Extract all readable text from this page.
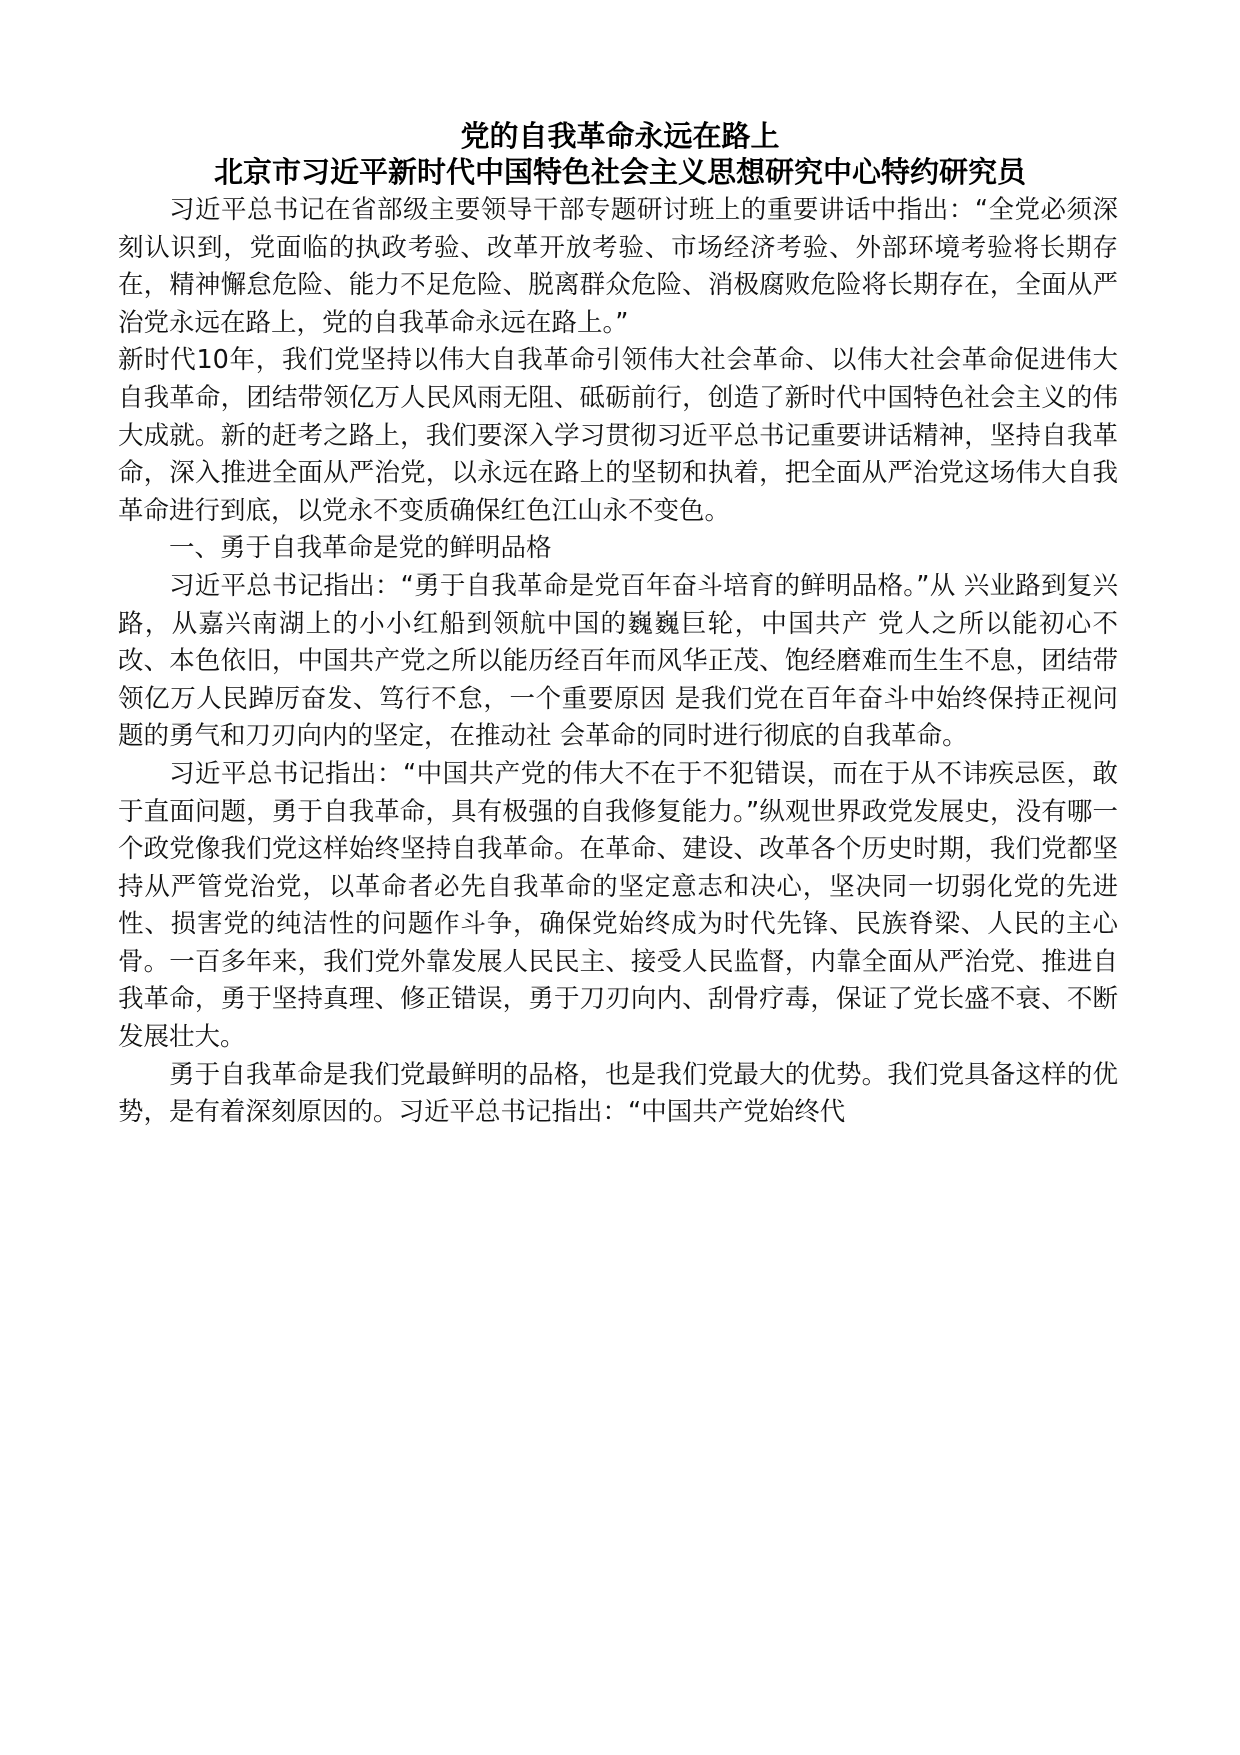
党的自我革命永远在路上
北京市习近平新时代中国特色社会主义思想研究中心特约研究员

习近平总书记在省部级主要领导干部专题研讨班上的重要讲话中指出：“全党必须深刻认识到，党面临的执政考验、改革开放考验、市场经济考验、外部环境考验将长期存在，精神懈怠危险、能力不足危险、脱离群众危险、消极腐败危险将长期存在，全面从严治党永远在路上，党的自我革命永远在路上。”

新时代10年，我们党坚持以伟大自我革命引领伟大社会革命、以伟大社会革命促进伟大自我革命，团结带领亿万人民风雨无阻、砥砺前行，创造了新时代中国特色社会主义的伟大成就。新的赶考之路上，我们要深入学习贯彻习近平总书记重要讲话精神，坚持自我革命，深入推进全面从严治党，以永远在路上的坚韧和执着，把全面从严治党这场伟大自我革命进行到底，以党永不变质确保红色江山永不变色。

一、勇于自我革命是党的鲜明品格

习近平总书记指出：“勇于自我革命是党百年奋斗培育的鲜明品格。”从 兴业路到复兴路，从嘉兴南湖上的小小红船到领航中国的巍巍巨轮，中国共产 党人之所以能初心不改、本色依旧，中国共产党之所以能历经百年而风华正茂、饱经磨难而生生不息，团结带领亿万人民踔厉奋发、笃行不怠，一个重要原因 是我们党在百年奋斗中始终保持正视问题的勇气和刀刃向内的坚定，在推动社 会革命的同时进行彻底的自我革命。

习近平总书记指出：“中国共产党的伟大不在于不犯错误，而在于从不讳疾忌医，敢于直面问题，勇于自我革命，具有极强的自我修复能力。”纵观世界政党发展史，没有哪一个政党像我们党这样始终坚持自我革命。在革命、建设、改革各个历史时期，我们党都坚持从严管党治党，以革命者必先自我革命的坚定意志和决心，坚决同一切弱化党的先进性、损害党的纯洁性的问题作斗争，确保党始终成为时代先锋、民族脊梁、人民的主心骨。一百多年来，我们党外靠发展人民民主、接受人民监督，内靠全面从严治党、推进自我革命，勇于坚持真理、修正错误，勇于刀刃向内、刮骨疗毒，保证了党长盛不衰、不断发展壮大。

勇于自我革命是我们党最鲜明的品格，也是我们党最大的优势。我们党具备这样的优势，是有着深刻原因的。习近平总书记指出：“中国共产党始终代
